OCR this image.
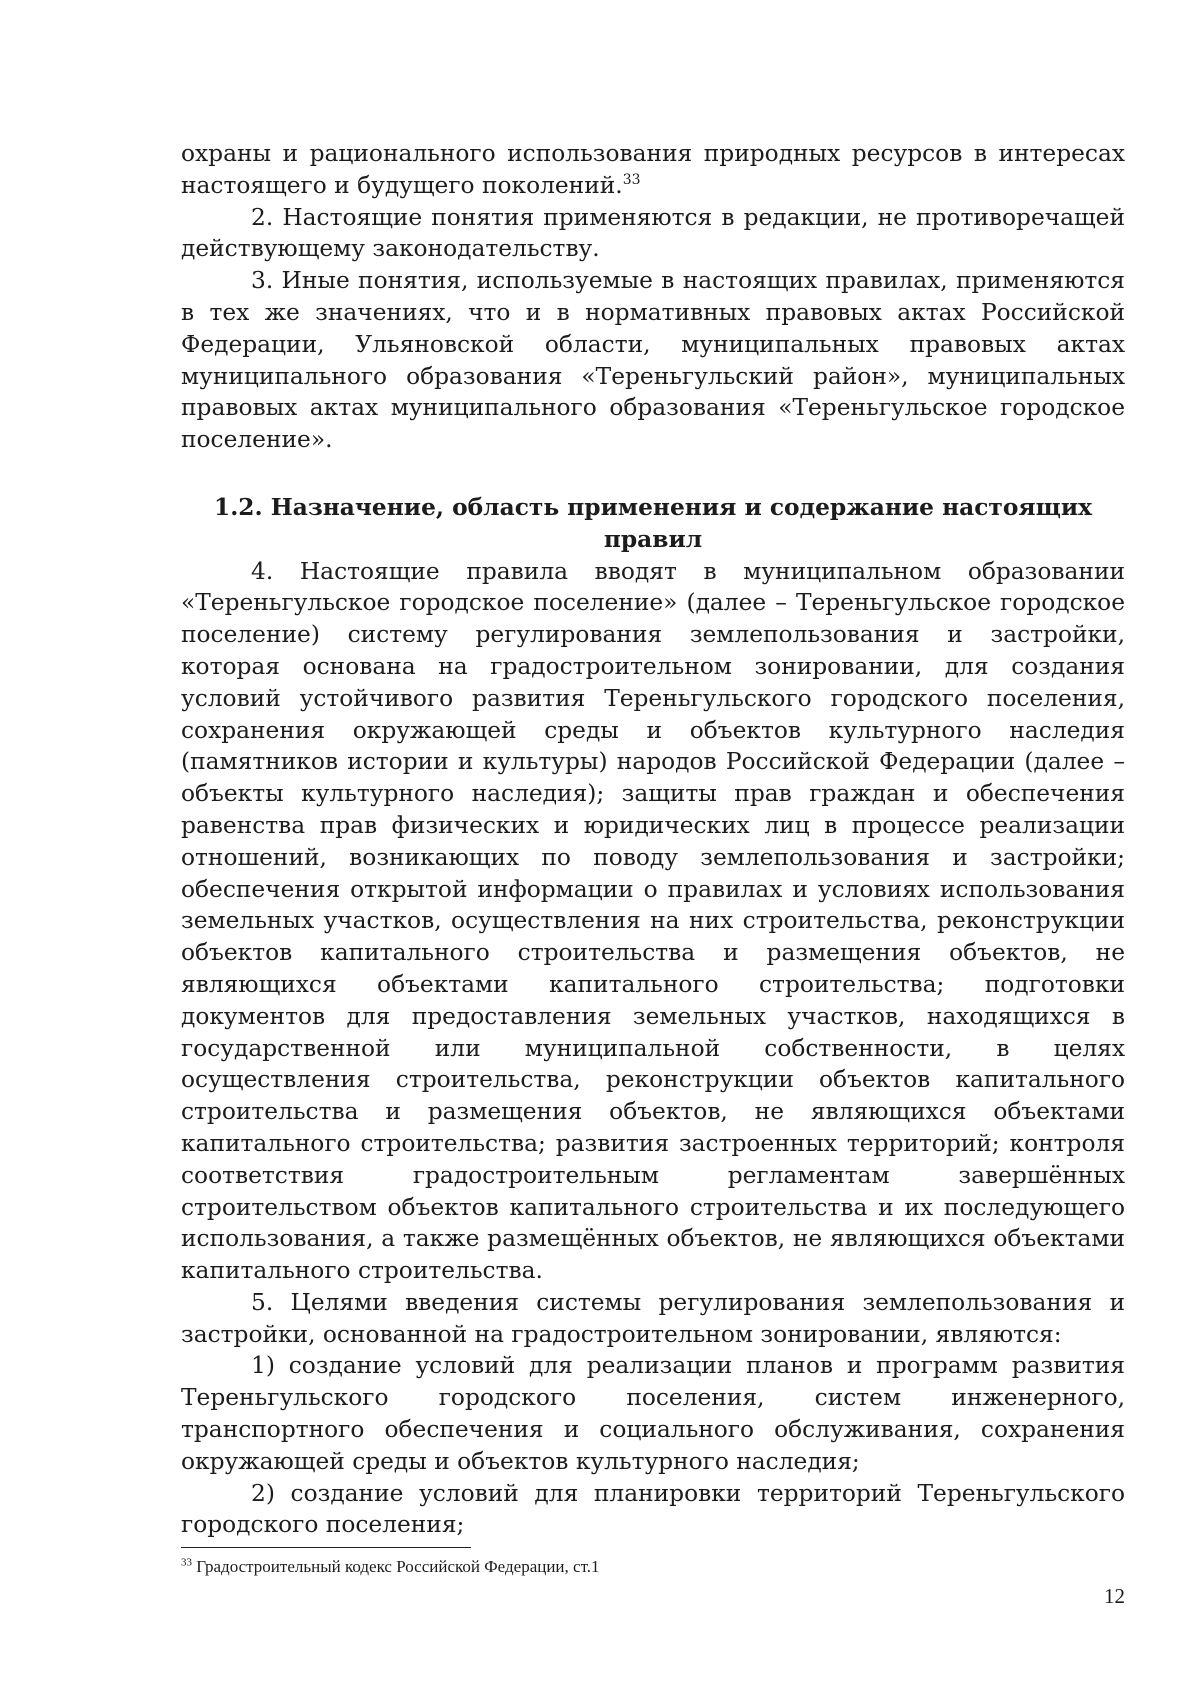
охраны и рационального использования природных ресурсов в интересах настоящего и будущего поколений.$^{33}$

2. Настоящие понятия применяются в редакции, не противоречащей действующему законодательству.

3. Иные понятия, используемые в настоящих правилах, применяются в тех же значениях, что и в нормативных правовых актах Российской Федерации, Ульяновской области, муниципальных правовых актах муниципального образования «Тереньгульский район», муниципальных правовых актах муниципального образования «Тереньгульское городское поселение».

1.2. Назначение, область применения и содержание настоящих правил

4. Настоящие правила вводят в муниципальном образовании «Тереньгульское городское поселение» (далее – Тереньгульское городское поселение) систему регулирования землепользования и застройки, которая основана на градостроительном зонировании, для создания условий устойчивого развития Тереньгульского городского поселения, сохранения окружающей среды и объектов культурного наследия (памятников истории и культуры) народов Российской Федерации (далее – объекты культурного наследия); защиты прав граждан и обеспечения равенства прав физических и юридических лиц в процессе реализации отношений, возникающих по поводу землепользования и застройки; обеспечения открытой информации о правилах и условиях использования земельных участков, осуществления на них строительства, реконструкции объектов капитального строительства и размещения объектов, не являющихся объектами капитального строительства; подготовки документов для предоставления земельных участков, находящихся в государственной или муниципальной собственности, в целях осуществления строительства, реконструкции объектов капитального строительства и размещения объектов, не являющихся объектами капитального строительства; развития застроенных территорий; контроля соответствия градостроительным регламентам завершённых строительством объектов капитального строительства и их последующего использования, а также размещённых объектов, не являющихся объектами капитального строительства.

5. Целями введения системы регулирования землепользования и застройки, основанной на градостроительном зонировании, являются:

1) создание условий для реализации планов и программ развития Тереньгульского городского поселения, систем инженерного, транспортного обеспечения и социального обслуживания, сохранения окружающей среды и объектов культурного наследия;

2) создание условий для планировки территорий Тереньгульского городского поселения;

$^{33}$ Градостроительный кодекс Российской Федерации, ст.1
12
